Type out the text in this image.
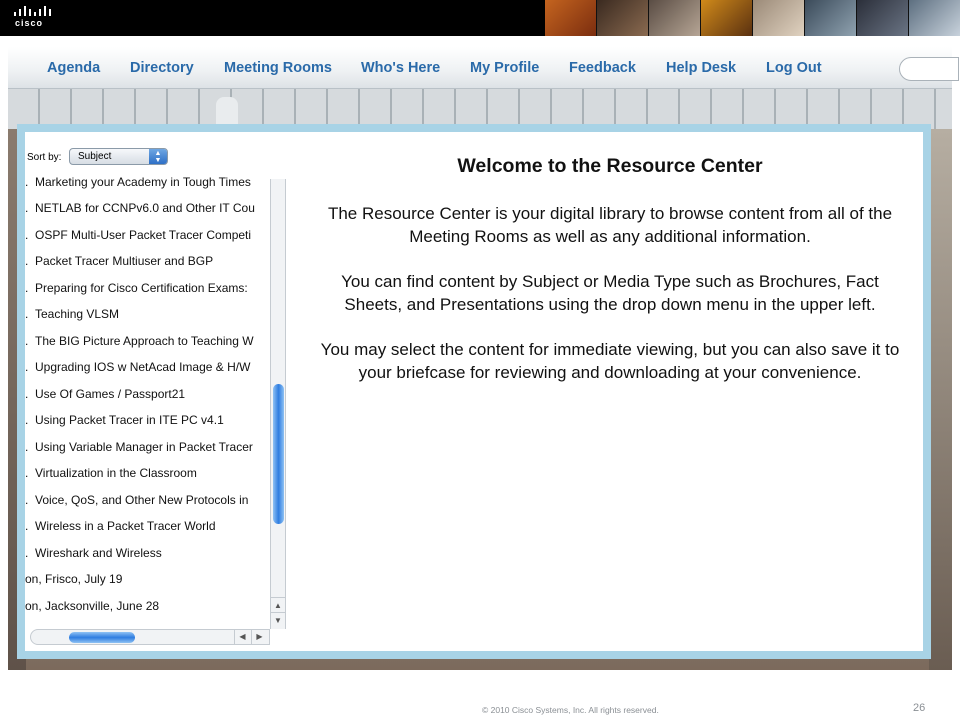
cisco
Agenda Directory Meeting Rooms Who's Here My Profile Feedback Help Desk Log Out
Sort by:	Subject	▲
▼
. Marketing your Academy in Tough Times
. NETLAB for CCNPv6.0 and Other IT Cou
. OSPF Multi-User Packet Tracer Competi
. Packet Tracer Multiuser and BGP
. Preparing for Cisco Certification Exams:
. Teaching VLSM
. The BIG Picture Approach to Teaching W
. Upgrading IOS w NetAcad Image & H/W
. Use Of Games / Passport21
. Using Packet Tracer in ITE PC v4.1
. Using Variable Manager in Packet Tracer
. Virtualization in the Classroom
. Voice, QoS, and Other New Protocols in
. Wireless in a Packet Tracer World
. Wireshark and Wireless
on, Frisco, July 19
on, Jacksonville, June 28	▲
▼
◀	▶
Welcome to the Resource Center

The Resource Center is your digital library to browse content from all of the Meeting Rooms as well as any additional information.

You can find content by Subject or Media Type such as Brochures, Fact Sheets, and Presentations using the drop down menu in the upper left.

You may select the content for immediate viewing, but you can also save it to your briefcase for reviewing and downloading at your convenience.

© 2010 Cisco Systems, Inc. All rights reserved.	26
